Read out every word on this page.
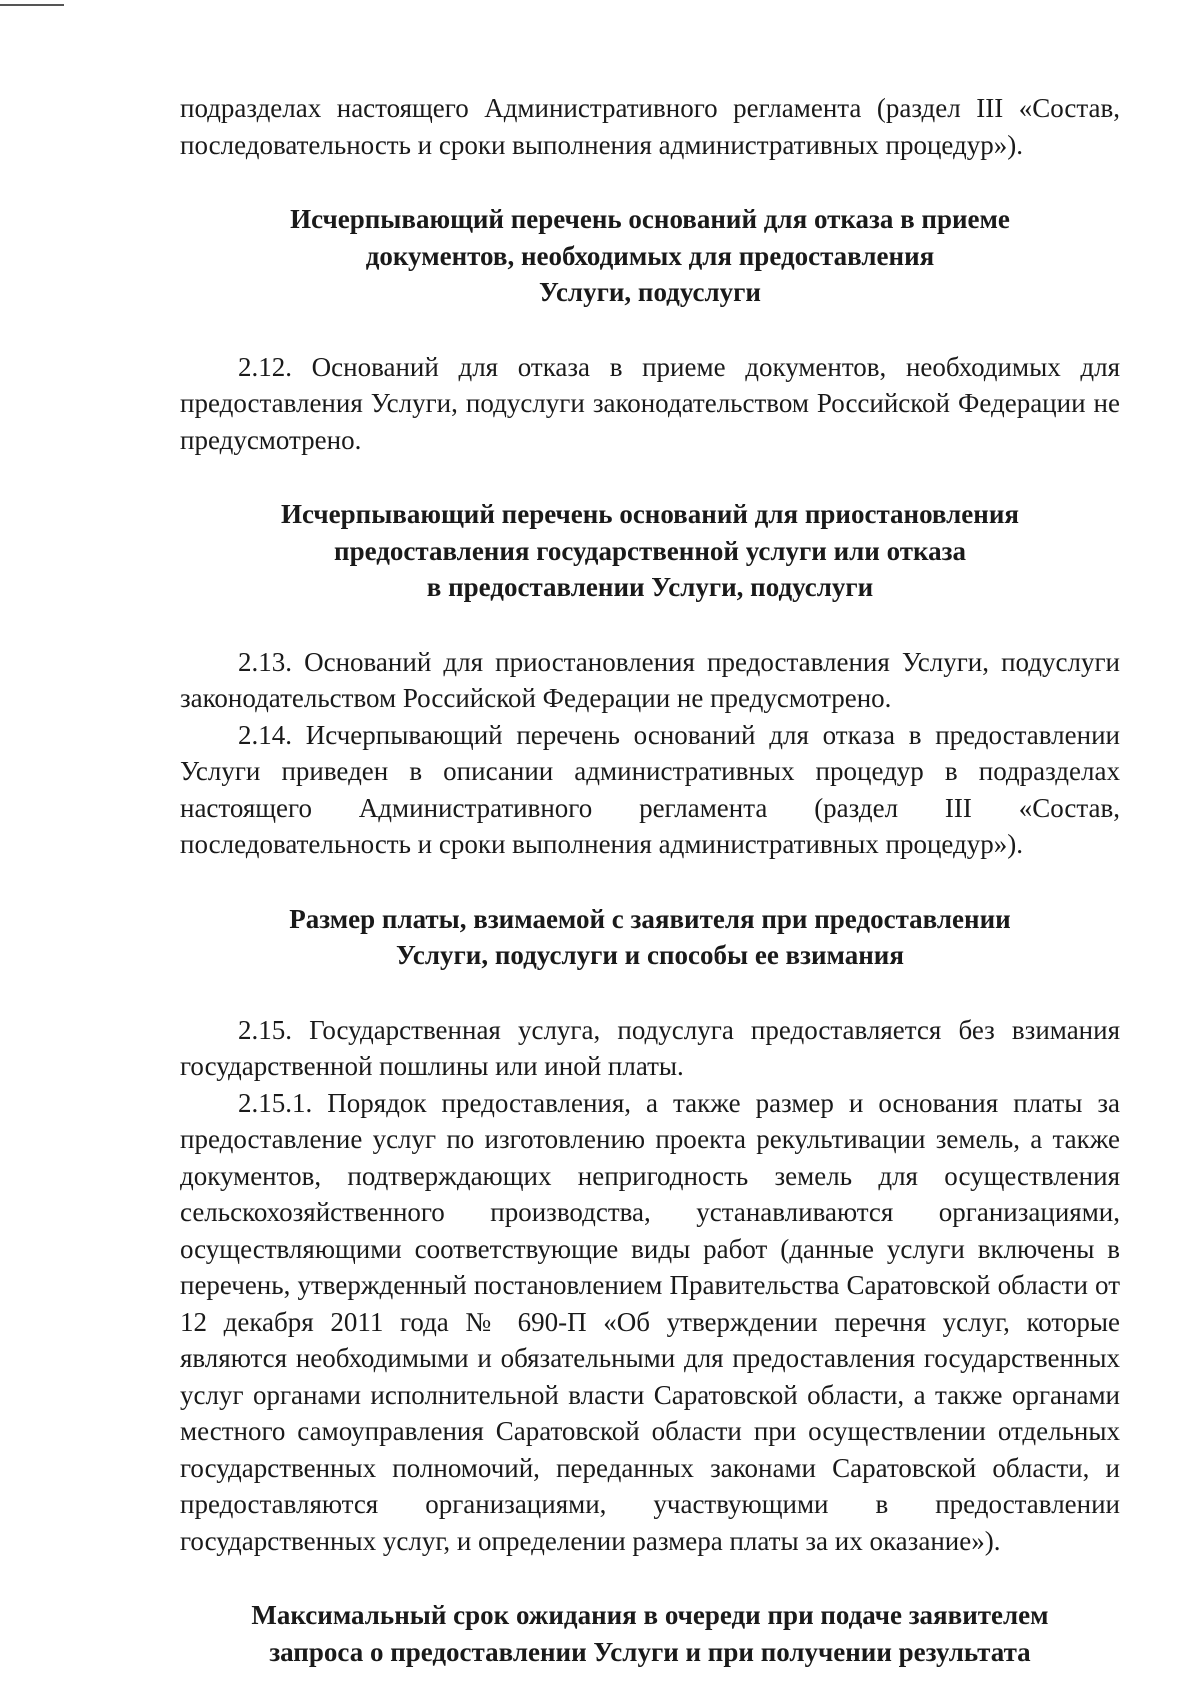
подразделах настоящего Административного регламента (раздел III «Состав, последовательность и сроки выполнения административных процедур»).

Исчерпывающий перечень оснований для отказа в приеме
документов, необходимых для предоставления
Услуги, подуслуги

2.12. Оснований для отказа в приеме документов, необходимых для предоставления Услуги, подуслуги законодательством Российской Федерации не предусмотрено.

Исчерпывающий перечень оснований для приостановления
предоставления государственной услуги или отказа
в предоставлении Услуги, подуслуги

2.13. Оснований для приостановления предоставления Услуги, подуслуги законодательством Российской Федерации не предусмотрено.

2.14. Исчерпывающий перечень оснований для отказа в предоставлении Услуги приведен в описании административных процедур в подразделах настоящего Административного регламента (раздел III «Состав, последовательность и сроки выполнения административных процедур»).

Размер платы, взимаемой с заявителя при предоставлении
Услуги, подуслуги и способы ее взимания

2.15. Государственная услуга, подуслуга предоставляется без взимания государственной пошлины или иной платы.

2.15.1. Порядок предоставления, а также размер и основания платы за предоставление услуг по изготовлению проекта рекультивации земель, а также документов, подтверждающих непригодность земель для осуществления сельскохозяйственного производства, устанавливаются организациями, осуществляющими соответствующие виды работ (данные услуги включены в перечень, утвержденный постановлением Правительства Саратовской области от 12 декабря 2011 года № 690-П «Об утверждении перечня услуг, которые являются необходимыми и обязательными для предоставления государственных услуг органами исполнительной власти Саратовской области, а также органами местного самоуправления Саратовской области при осуществлении отдельных государственных полномочий, переданных законами Саратовской области, и предоставляются организациями, участвующими в предоставлении государственных услуг, и определении размера платы за их оказание»).

Максимальный срок ожидания в очереди при подаче заявителем
запроса о предоставлении Услуги и при получении результата
